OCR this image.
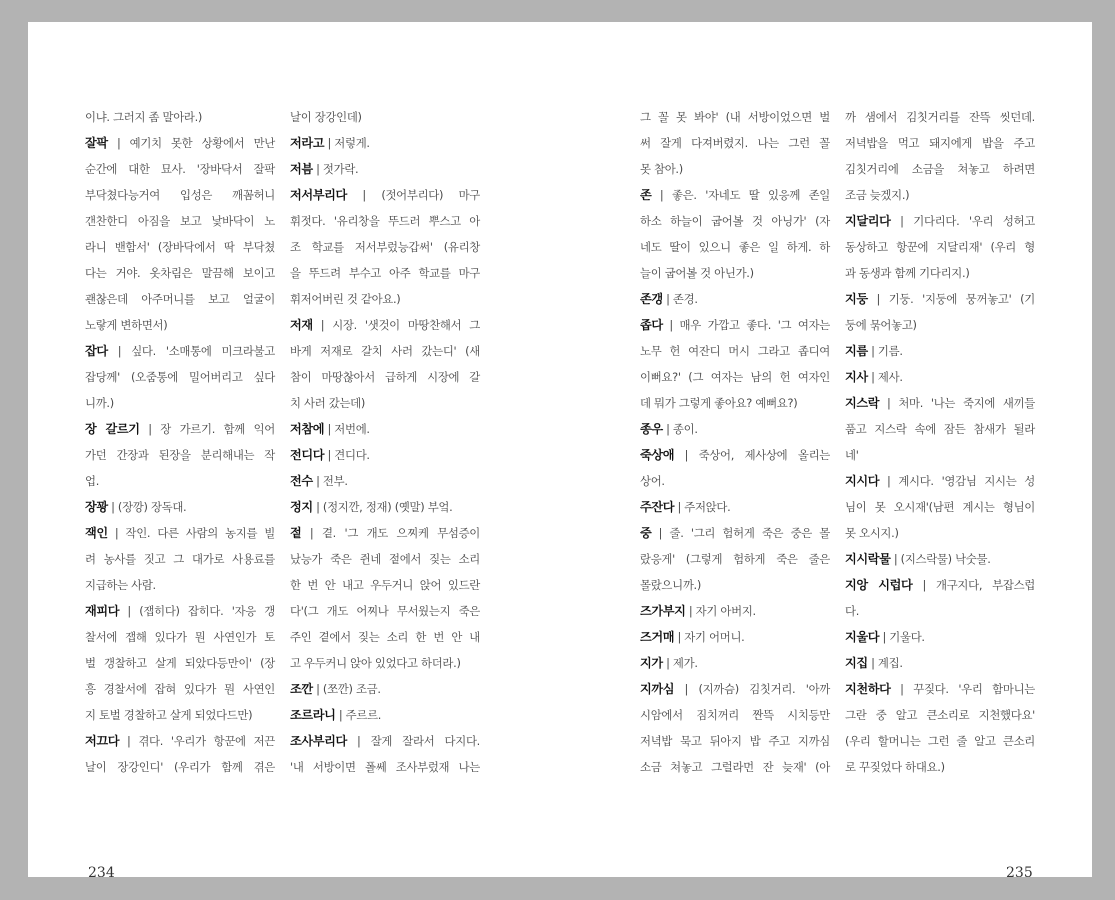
이냐. 그러지 좀 말아라.)
잘팍 | 예기치 못한 상황에서 만난
순간에 대한 묘사. '장바닥서 잘팍
부닥쳤다능거여 입성은 깨꼼허니
갠찬한디 아짐을 보고 낯바닥이 노
라니 밴함서' (장바닥에서 딱 부닥쳤
다는 거야. 옷차림은 말끔해 보이고
괜찮은데 아주머니를 보고 얼굴이
노랗게 변하면서)
잡다 | 싶다. '소매통에 미크라불고
잡당께' (오줌통에 밀어버리고 싶다
니까.)
장 갈르기 | 장 가르기. 함께 익어
가던 간장과 된장을 분리해내는 작
업.
장꽝 | (장깡) 장독대.
잭인 | 작인. 다른 사람의 농지를 빌
려 농사를 짓고 그 대가로 사용료를
지급하는 사람.
재피다 | (잽히다) 잡히다. '자응 갱
찰서에 잽해 있다가 뭔 사연인가 토
벌 갱찰하고 살게 되았다등만이' (장
흥 경찰서에 잡혀 있다가 뭔 사연인
지 토벌 경찰하고 살게 되었다드만)
저끄다 | 겪다. '우리가 항꾼에 저끈
날이 장강인디' (우리가 함께 겪은
날이 장강인데)
저라고 | 저렇게.
저븜 | 젓가락.
저서부리다 | (젓어부리다) 마구
휘젓다. '유리창을 뚜드러 뿌스고 아
조 학교를 저서부렀능갑써' (유리창
을 뚜드려 부수고 아주 학교를 마구
휘저어버린 것 같아요.)
저재 | 시장. '샛것이 마땅찬해서 그
바게 저재로 갈치 사러 갔는디' (새
참이 마땅찮아서 급하게 시장에 갈
치 사러 갔는데)
저참에 | 저번에.
전디다 | 견디다.
전수 | 전부.
정지 | (정지깐, 정재) (옛말) 부엌.
젙 | 곁. '그 개도 으찌케 무섬증이
났능가 죽은 쥔네 젙에서 짖는 소리
한 번 안 내고 우두거니 앉어 있드란
다'(그 개도 어찌나 무서웠는지 죽은
주인 곁에서 짖는 소리 한 번 안 내
고 우두커니 앉아 있었다고 하더라.)
조깐 | (쪼깐) 조금.
조르라니 | 주르르.
조사부리다 | 잘게 잘라서 다지다.
'내 서방이면 폴쎄 조사부렀재 나는
234
그 꼴 못 봐야' (내 서방이었으면 벌
써 잘게 다져버렸지. 나는 그런 꼴
못 참아.)
존 | 좋은. '자네도 딸 있응께 존일
하소 하늘이 굽어볼 것 아닝가' (자
네도 딸이 있으니 좋은 일 하게. 하
늘이 굽어볼 것 아닌가.)
존갱 | 존경.
좁다 | 매우 가깝고 좋다. '그 여자는
노무 헌 여잔디 머시 그라고 좁디여
이뻐요?' (그 여자는 남의 헌 여자인
데 뭐가 그렇게 좋아요? 예뻐요?)
종우 | 종이.
죽상애 | 죽상어, 제사상에 올리는
상어.
주잔다 | 주저앉다.
중 | 줄. '그리 험허게 죽은 중은 몰
랐응게' (그렇게 험하게 죽은 줄은
몰랐으니까.)
즈가부지 | 자기 아버지.
즈거매 | 자기 어머니.
지가 | 제가.
지까심 | (지까슴) 김칫거리. '아까
시암에서 짐치꺼리 짠뜩 시치등만
저녁밥 묵고 뒤아지 밥 주고 지까심
소금 쳐놓고 그럴라먼 잔 늦재' (아
까 샘에서 김칫거리를 잔뜩 씻던데.
저녁밥을 먹고 돼지에게 밥을 주고
김칫거리에 소금을 쳐놓고 하려면
조금 늦겠지.)
지달리다 | 기다리다. '우리 성허고
동상하고 항꾼에 지달리재' (우리 형
과 동생과 함께 기다리지.)
지둥 | 기둥. '지둥에 뭉꺼놓고' (기
둥에 묶어놓고)
지름 | 기름.
지사 | 제사.
지스락 | 처마. '나는 죽지에 새끼들
품고 지스락 속에 잠든 참새가 될라
네'
지시다 | 계시다. '영감님 지시는 성
님이 못 오시재'(남편 계시는 형님이
못 오시지.)
지시락물 | (지스락물) 낙숫물.
지앙 시럽다 | 개구지다, 부잡스럽
다.
지울다 | 기울다.
지집 | 계집.
지천하다 | 꾸짖다. '우리 함마니는
그란 중 알고 큰소리로 지천했다요'
(우리 할머니는 그런 줄 알고 큰소리
로 꾸짖었다 하대요.)
235
